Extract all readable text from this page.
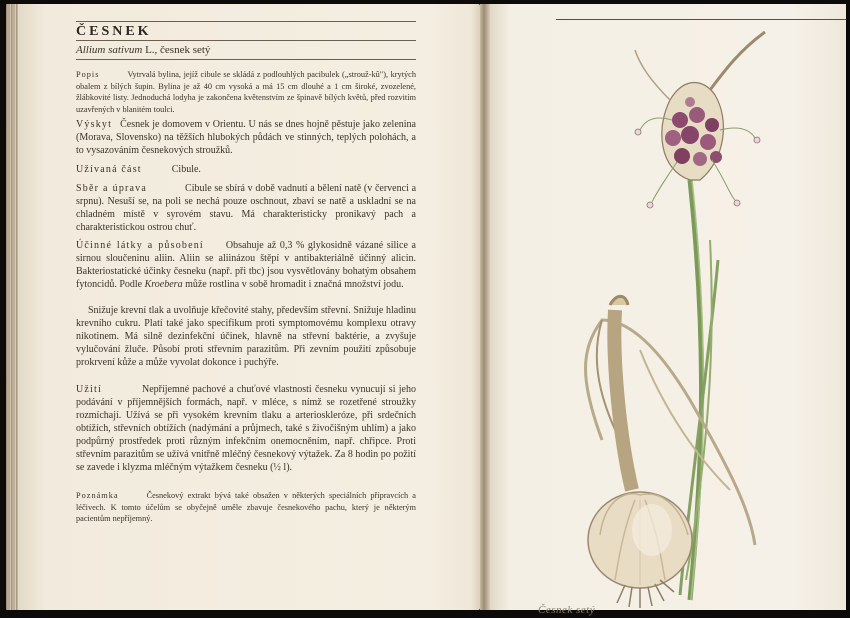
ČESNEK
Allium sativum L., česnek setý
Popis	Vytrvalá bylina, jejíž cibule se skládá z podlouhlých pacibulek („strouž-kû"), krytých obalem z bílých šupin. Bylina je až 40 cm vysoká a má 15 cm dlouhé a 1 cm široké, zvozelené, žlábkovité listy. Jednoduchá lodyha je zakončena květenstvím ze špinavě bílých květů, před rozvitím uzavřených v blanitém toulci.
Výskyt Česnek je domovem v Orientu. U nás se dnes hojně pěstuje jako zelenina (Morava, Slovensko) na těžších hlubokých půdách ve stinných, teplých polohách, a to vysazováním česnekových stroužků.
Užívaná část	Cibule.
Sběr a úprava	Cibule se sbírá v době vadnutí a bělení natě (v červenci a srpnu). Nesuší se, na poli se nechá pouze oschnout, zbaví se natě a uskladní se na chladném místě v syrovém stavu. Má charakteristicky pronikavý pach a charakteristickou ostrou chuť.
Účinné látky a působení Obsahuje až 0,3 % glykosidně vázané silice a sirnou sloučeninu aliin. Aliin se aliinázou štěpí v antibakteriálně účinný alicin. Bakteriostatické účinky česneku (např. při tbc) jsou vysvětlovány bohatým obsahem fytoncidů. Podle Kroebera může rostlina v sobě hromadit i značná množství jodu.
Snižuje krevní tlak a uvolňuje křečovité stahy, především střevní. Snižuje hladinu krevního cukru. Platí také jako specifikum proti symptomovému komplexu otravy nikotinem. Má silně dezinfekční účinek, hlavně na střevní baktérie, a zvyšuje vylučování žluče. Působí proti střevním parazitům. Při zevním použití způsobuje prokrvení kůže a může vyvolat dokonce i puchýře.
Užití	Nepříjemné pachové a chuťové vlastnosti česneku vynucují si jeho podávání v příjemnějších formách, např. v mléce, s nímž se rozetřené stroužky rozmíchají. Užívá se při vysokém krevním tlaku a arterioskleróze, při srdečních obtížích, střevních obtížích (nadýmání a průjmech, také s živočišným uhlím) a jako podpůrný prostředek proti různým infekčním onemocněním, např. chřipce. Proti střevním parazitům se užívá vnitřně mléčný česnekový výtažek. Za 8 hodin po požití se zavede i klyzma mléčným výtažkem česneku (½ l).
Poznámka	Česnekový extrakt bývá také obsažen v některých speciálních přípravcích a léčivech. K tomto účelům se obyčejně uměle zbavuje česnekového pachu, který je některým pacientům nepříjemný.
Česnek setý
